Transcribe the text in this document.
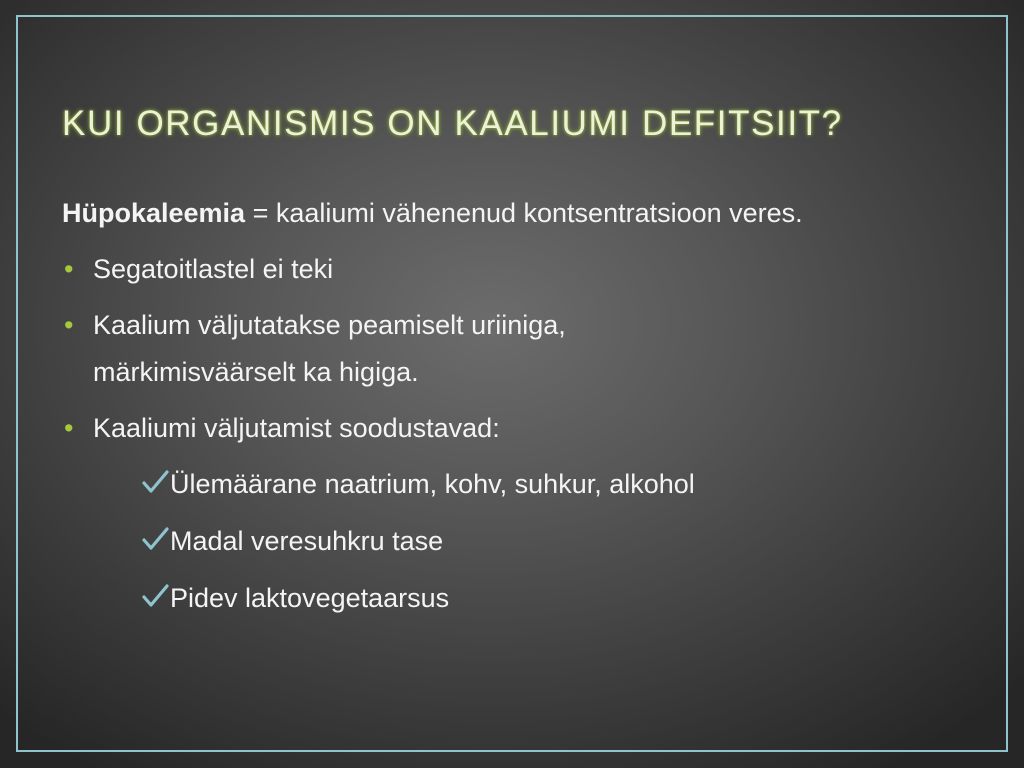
KUI ORGANISMIS ON KAALIUMI DEFITSIIT?

Hüpokaleemia = kaaliumi vähenenud kontsentratsioon veres.

• Segatoitlastel ei teki
• Kaalium väljutatakse peamiselt uriiniga, märkimisväärselt ka higiga.
• Kaaliumi väljutamist soodustavad:
Ülemäärane naatrium, kohv, suhkur, alkohol
Madal veresuhkru tase
Pidev laktovegetaarsus
